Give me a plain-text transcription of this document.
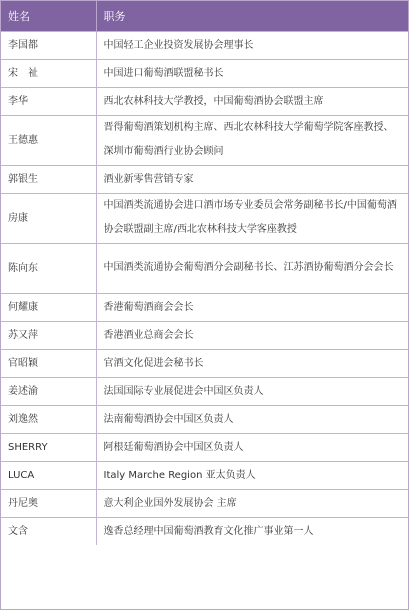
姓名	职务
李国都	中国轻工企业投资发展协会理事长
宋　祉	中国进口葡萄酒联盟秘书长
李华	西北农林科技大学教授，中国葡萄酒协会联盟主席
王德惠	晋得葡萄酒策划机构主席、西北农林科技大学葡萄学院客座教授、深圳市葡萄酒行业协会顾问
郭银生	酒业新零售营销专家
房康	中国酒类流通协会进口酒市场专业委员会常务副秘书长/中国葡萄酒协会联盟副主席/西北农林科技大学客座教授
陈向东	中国酒类流通协会葡萄酒分会副秘书长、江苏酒协葡萄酒分会会长
何耀康	香港葡萄酒商会会长
苏又萍	香港酒业总商会会长
官昭颖	官酒文化促进会秘书长
姜述渝	法国国际专业展促进会中国区负责人
刘逸然	法南葡萄酒协会中国区负责人
SHERRY	阿根廷葡萄酒协会中国区负责人
LUCA	Italy Marche Region 亚太负责人
丹尼奥	意大利企业国外发展协会 主席
文含	逸香总经理中国葡萄酒教育文化推广事业第一人
